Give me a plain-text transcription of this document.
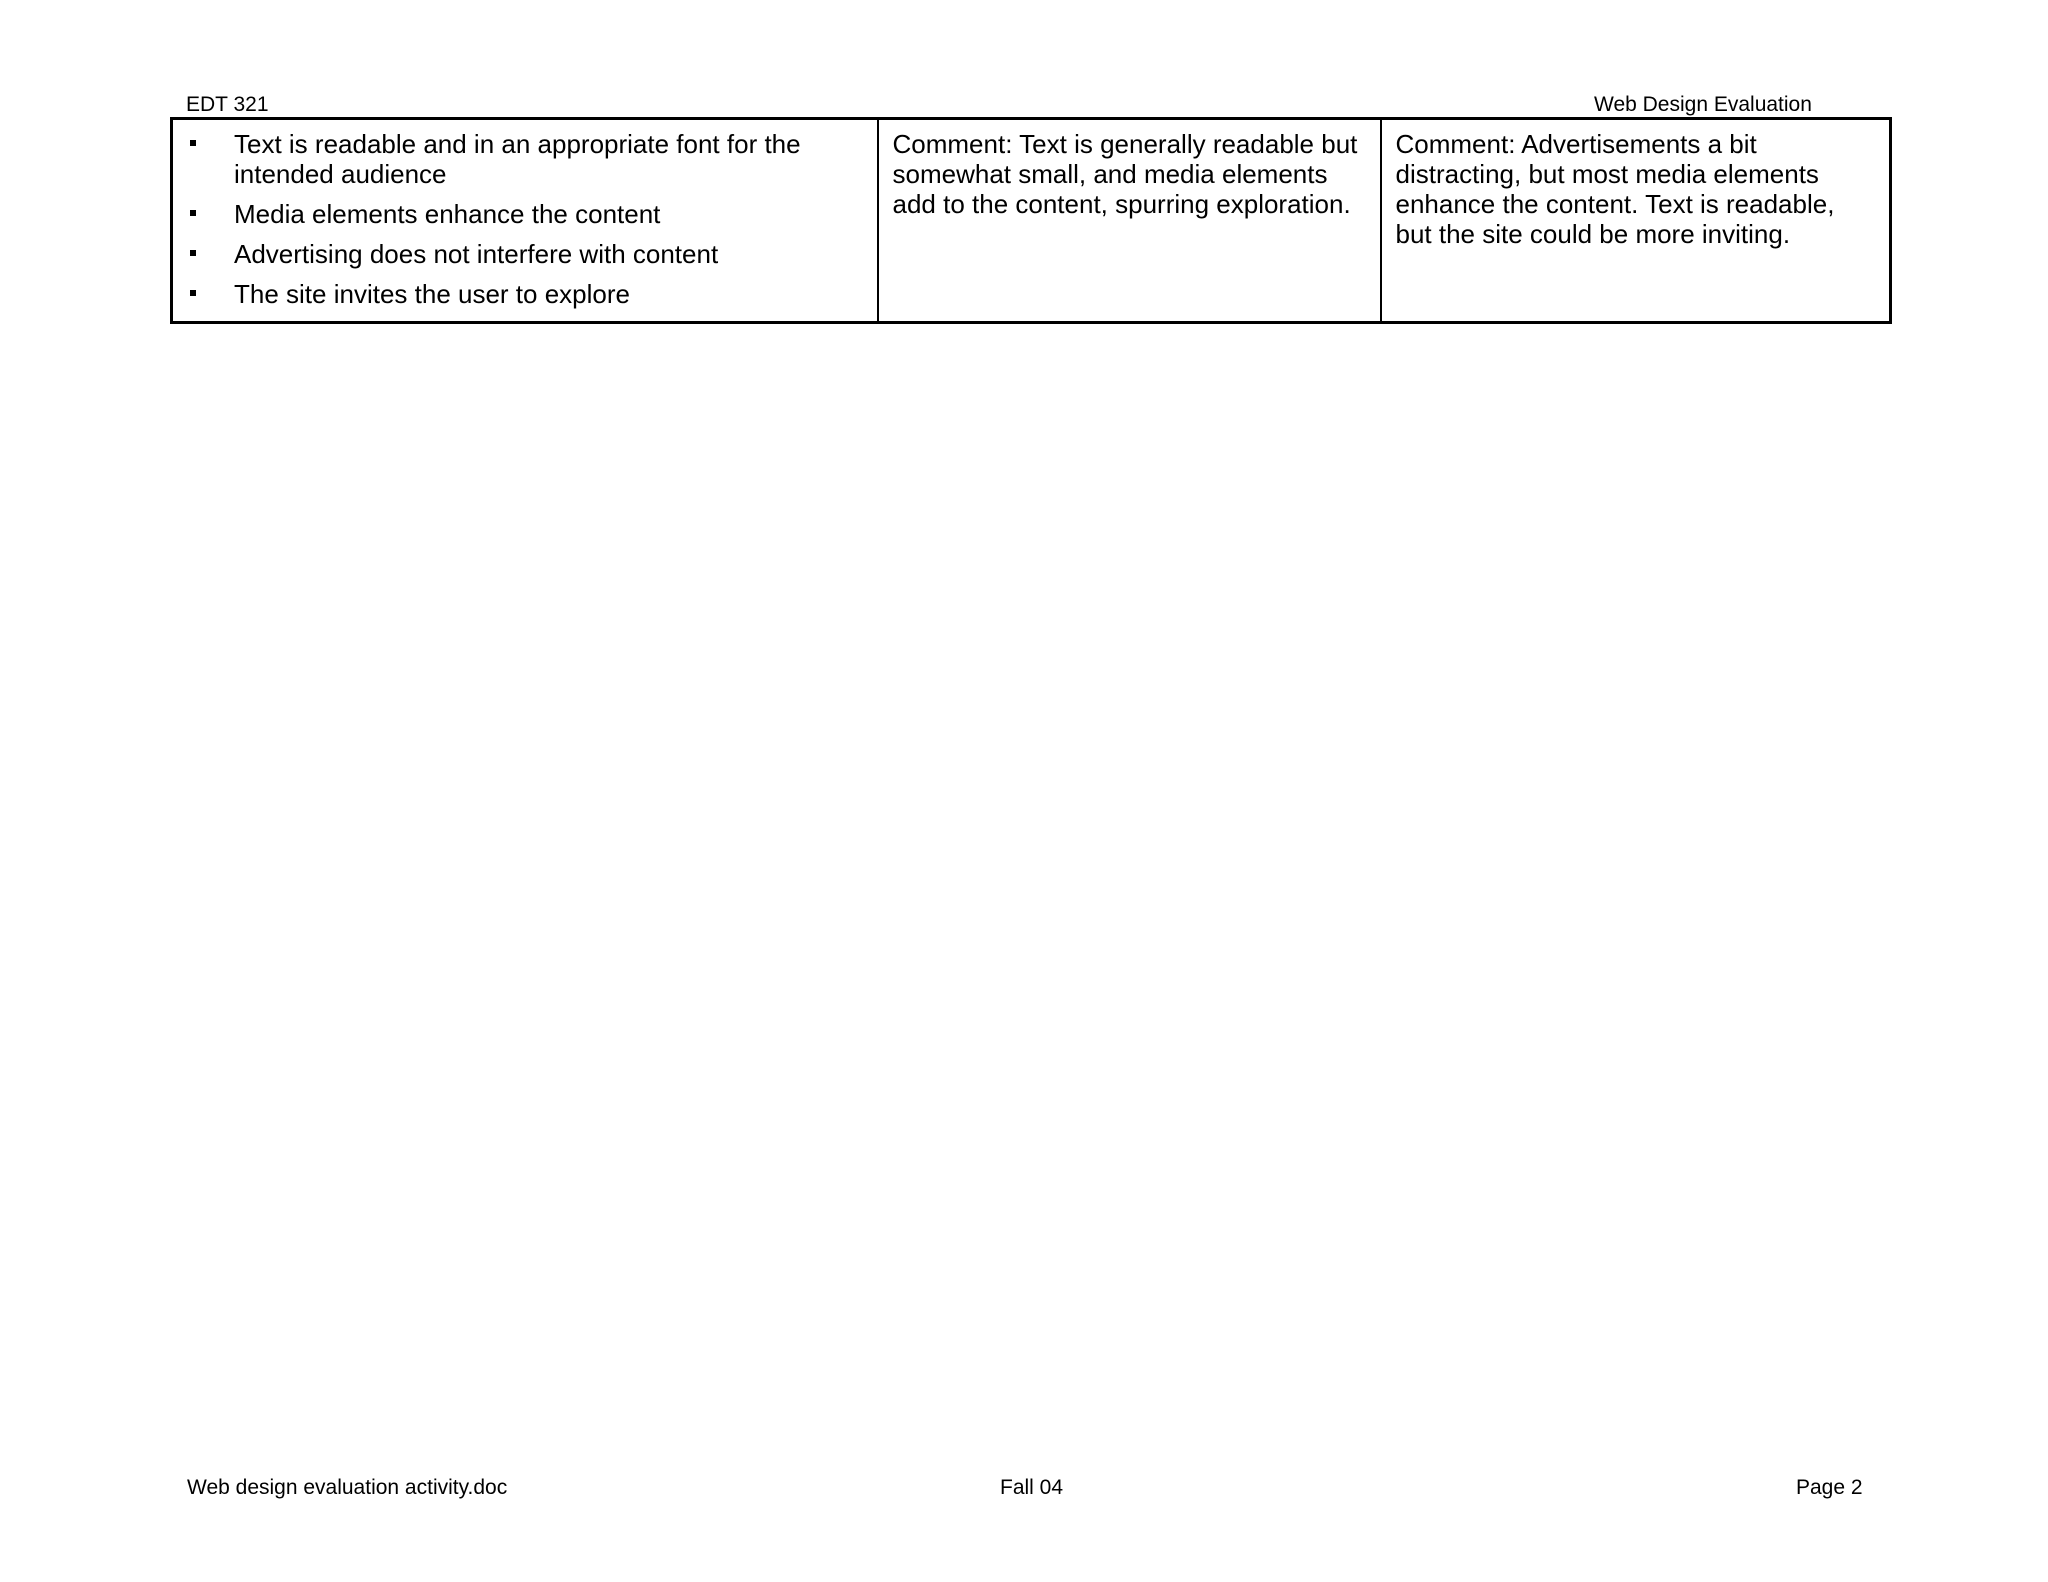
EDT 321	Web Design Evaluation
Text is readable and in an appropriate font for the intended audience
Media elements enhance the content
Advertising does not interfere with content
The site invites the user to explore

Comment: Text is generally readable but somewhat small, and media elements add to the content, spurring exploration.

Comment: Advertisements a bit distracting, but most media elements enhance the content. Text is readable, but the site could be more inviting.
Web design evaluation activity.doc	Fall 04	Page 2
